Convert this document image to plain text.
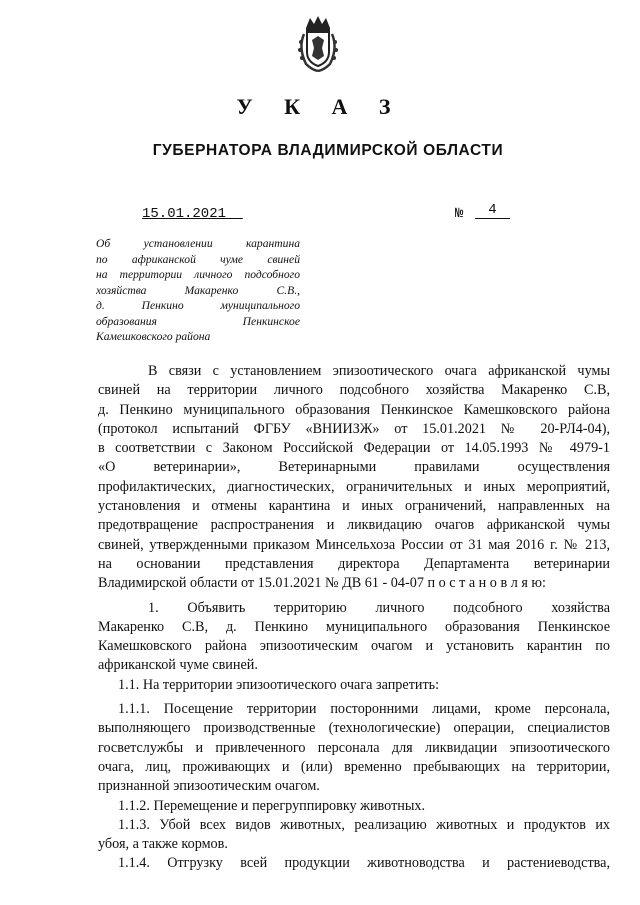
У К А З
ГУБЕРНАТОРА ВЛАДИМИРСКОЙ ОБЛАСТИ
15.01.2021	№	4
Об установлении карантина
по африканской чуме свиней
на территории личного подсобного
хозяйства Макаренко С.В.,
д. Пенкино муниципального
образования Пенкинское
Камешковского района
В связи с установлением эпизоотического очага африканской чумы
свиней на территории личного подсобного хозяйства Макаренко С.В,
д. Пенкино муниципального образования Пенкинское Камешковского района
(протокол испытаний ФГБУ «ВНИИЗЖ» от 15.01.2021 № 20-РЛ4-04),
в соответствии с Законом Российской Федерации от 14.05.1993 № 4979-1
«О ветеринарии», Ветеринарными правилами осуществления
профилактических, диагностических, ограничительных и иных мероприятий,
установления и отмены карантина и иных ограничений, направленных на
предотвращение распространения и ликвидацию очагов африканской чумы
свиней, утвержденными приказом Минсельхоза России от 31 мая 2016 г. № 213,
на основании представления директора Департамента ветеринарии
Владимирской области от 15.01.2021 № ДВ 61 - 04-07 п о с т а н о в л я ю:
1. Объявить территорию личного подсобного хозяйства
Макаренко С.В, д. Пенкино муниципального образования Пенкинское
Камешковского района эпизоотическим очагом и установить карантин по
африканской чуме свиней.
1.1. На территории эпизоотического очага запретить:
1.1.1. Посещение территории посторонними лицами, кроме персонала,
выполняющего производственные (технологические) операции, специалистов
госветслужбы и привлеченного персонала для ликвидации эпизоотического
очага, лиц, проживающих и (или) временно пребывающих на территории,
признанной эпизоотическим очагом.
1.1.2. Перемещение и перегруппировку животных.
1.1.3. Убой всех видов животных, реализацию животных и продуктов их
убоя, а также кормов.
1.1.4. Отгрузку всей продукции животноводства и растениеводства,
